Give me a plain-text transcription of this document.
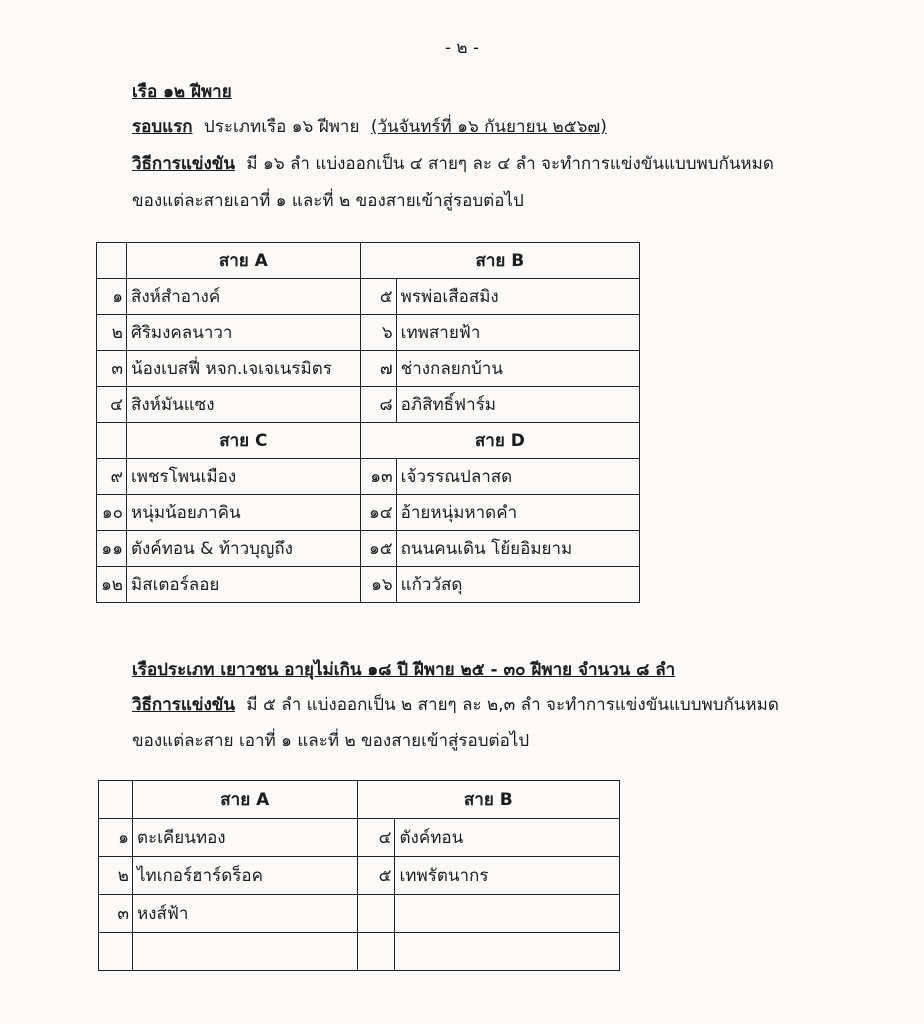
- ๒ -
เรือ ๑๒ ฝีพาย
รอบแรก ประเภทเรือ ๑๖ ฝีพาย (วันจันทร์ที่ ๑๖ กันยายน ๒๕๖๗)
วิธีการแข่งขัน มี ๑๖ ลำ แบ่งออกเป็น ๔ สายๆ ละ ๔ ลำ จะทำการแข่งขันแบบพบกันหมด
ของแต่ละสายเอาที่ ๑ และที่ ๒ ของสายเข้าสู่รอบต่อไป
	สาย A	สาย B	
๑	สิงห์สำอางค์	๕	พรพ่อเสือสมิง
๒	ศิริมงคลนาวา	๖	เทพสายฟ้า
๓	น้องเบสฟี่ หจก.เจเจเนรมิตร	๗	ช่างกลยกบ้าน
๔	สิงห์มันแซง	๘	อภิสิทธิ์ฟาร์ม
	สาย C	สาย D	
๙	เพชรโพนเมือง	๑๓	เจ้วรรณปลาสด
๑๐	หนุ่มน้อยภาคิน	๑๔	อ้ายหนุ่มหาดคำ
๑๑	ตังค์ทอน & ท้าวบุญถึง	๑๕	ถนนคนเดิน โย้ยอิมยาม
๑๒	มิสเตอร์ลอย	๑๖	แก้ววัสดุ
เรือประเภท เยาวชน อายุไม่เกิน ๑๘ ปี ฝีพาย ๒๕ - ๓๐ ฝีพาย จำนวน ๘ ลำ
วิธีการแข่งขัน มี ๕ ลำ แบ่งออกเป็น ๒ สายๆ ละ ๒,๓ ลำ จะทำการแข่งขันแบบพบกันหมด
ของแต่ละสาย เอาที่ ๑ และที่ ๒ ของสายเข้าสู่รอบต่อไป
	สาย A	สาย B	
๑	ตะเคียนทอง	๔	ตังค์ทอน
๒	ไทเกอร์ฮาร์ดร็อค	๕	เทพรัตนากร
๓	หงส์ฟ้า		
